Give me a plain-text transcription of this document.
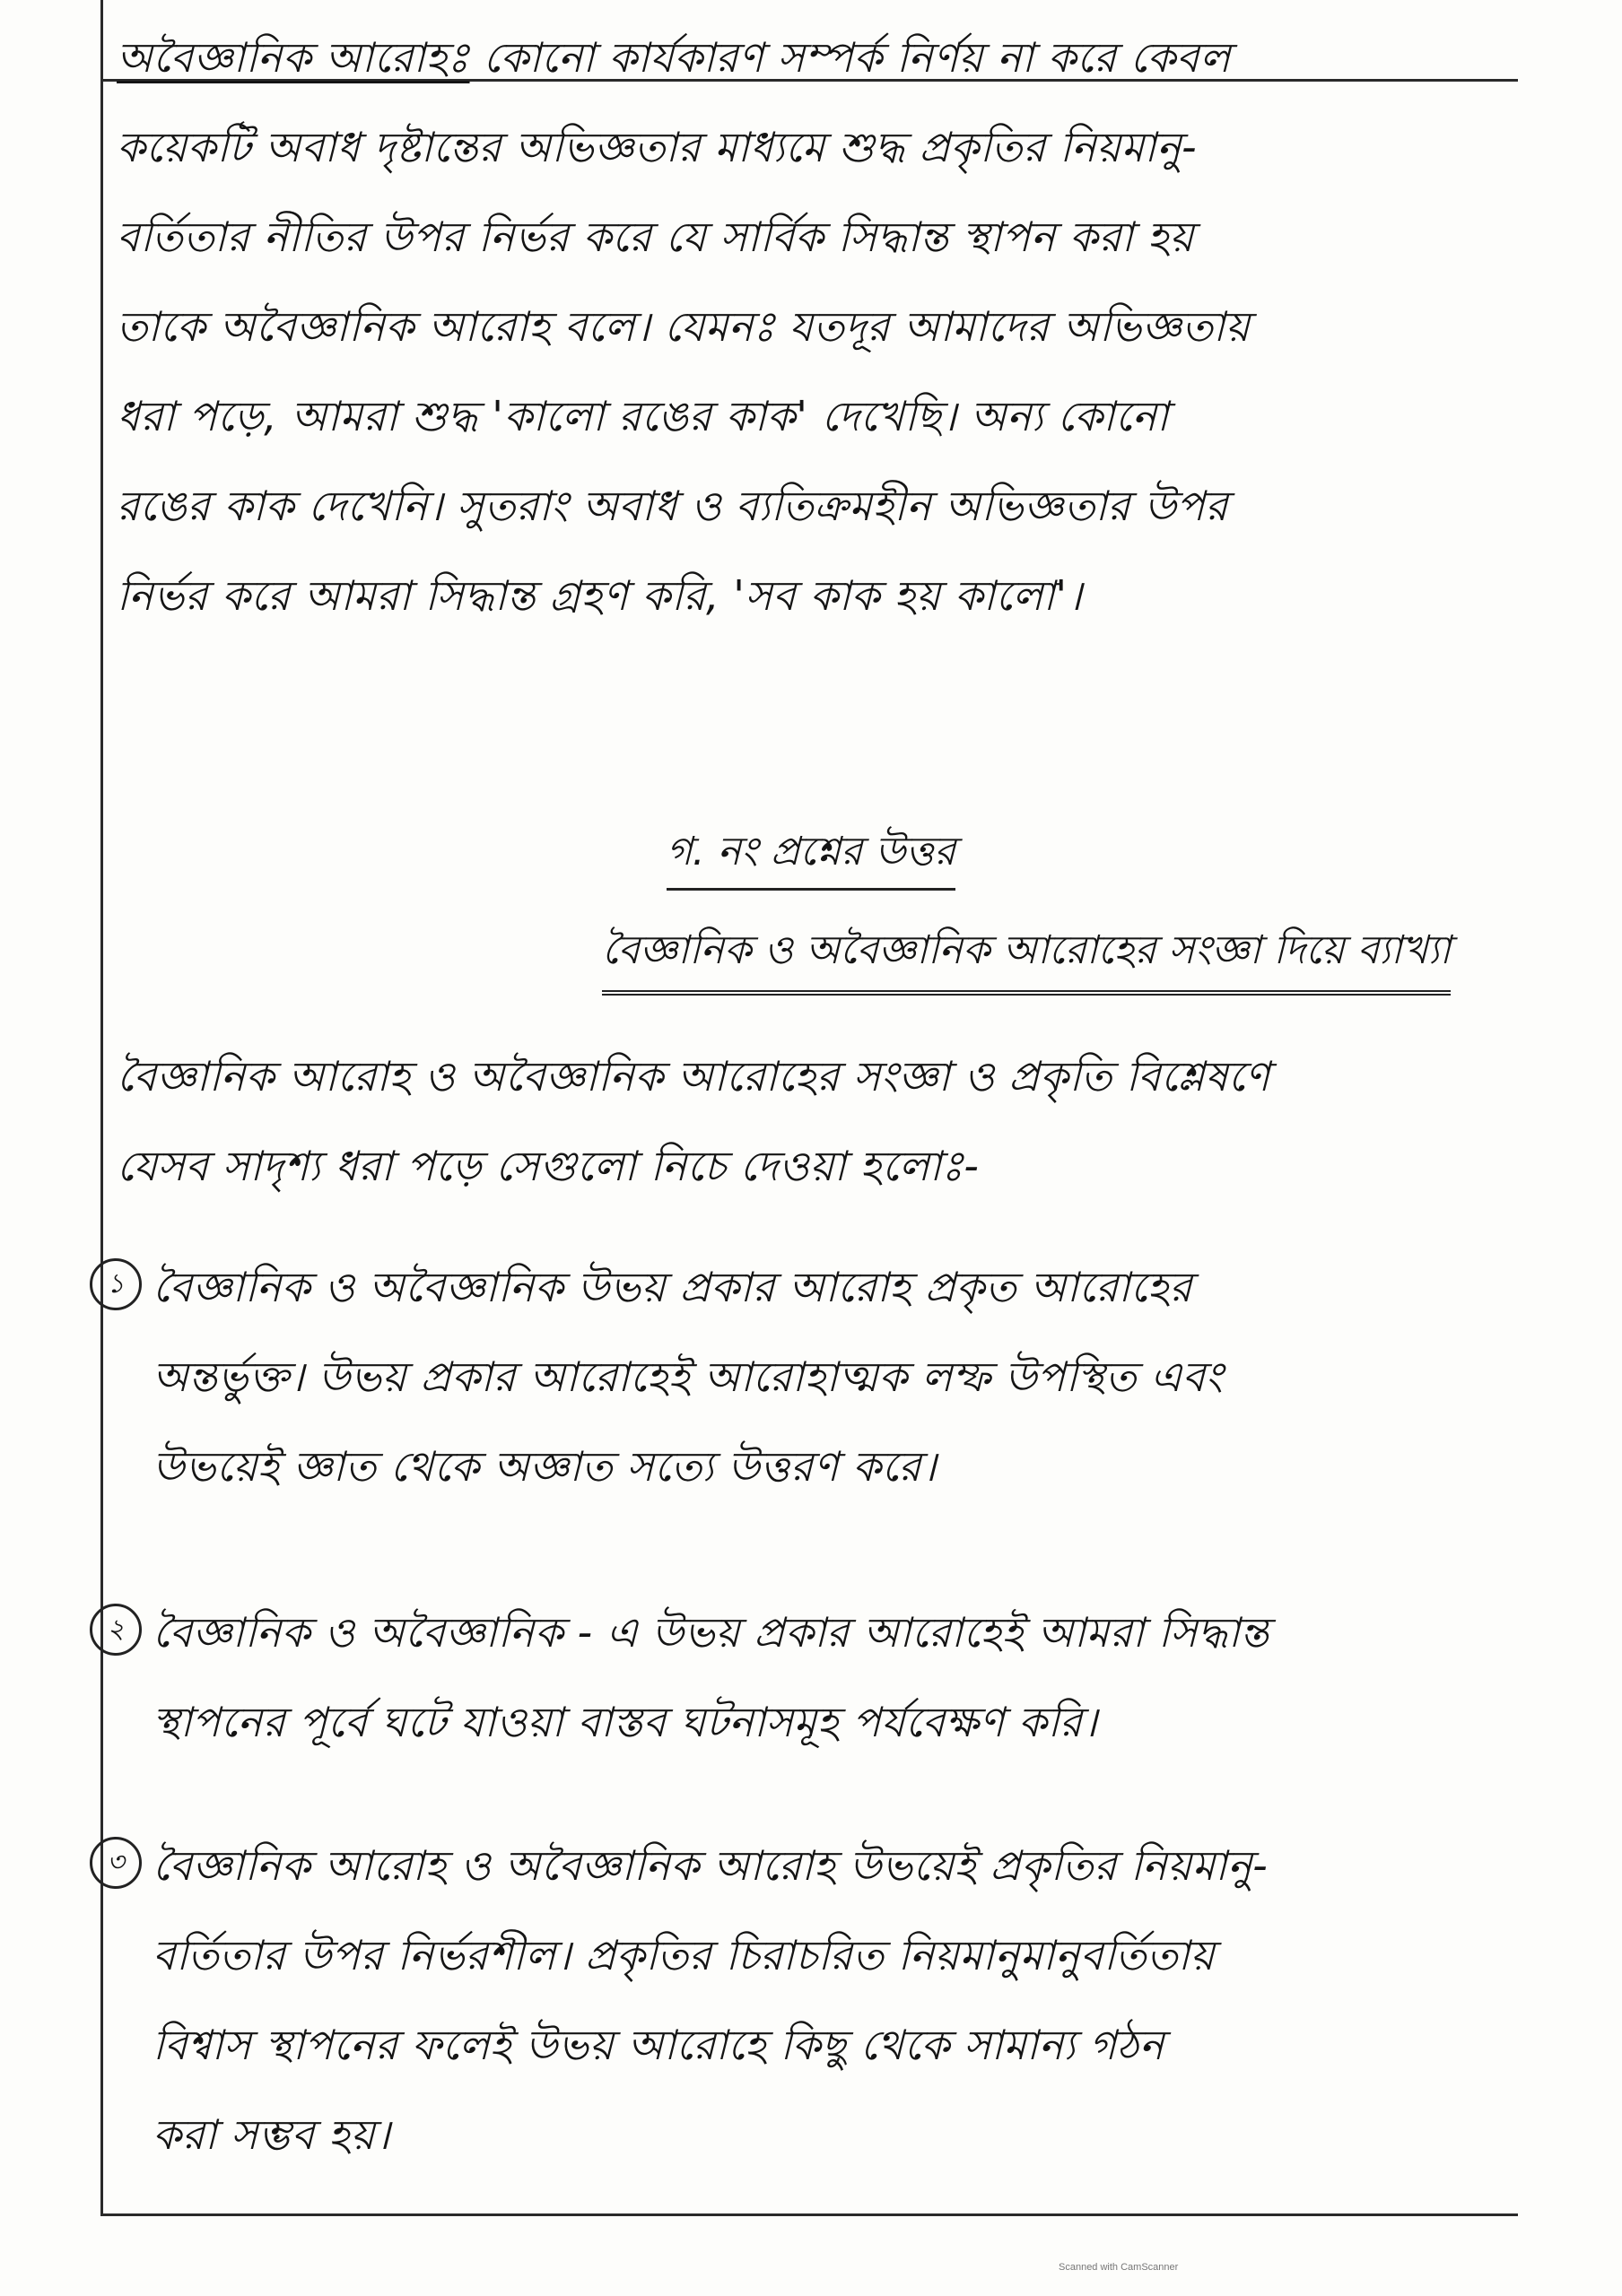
অবৈজ্ঞানিক আরোহঃ কোনো কার্যকারণ সম্পর্ক নির্ণয় না করে কেবল
কয়েকটি অবাধ দৃষ্টান্তের অভিজ্ঞতার মাধ্যমে শুদ্ধ প্রকৃতির নিয়মানু-
বর্তিতার নীতির উপর নির্ভর করে যে সার্বিক সিদ্ধান্ত স্থাপন করা হয়
তাকে অবৈজ্ঞানিক আরোহ বলে। যেমনঃ যতদূর আমাদের অভিজ্ঞতায়
ধরা পড়ে, আমরা শুদ্ধ 'কালো রঙের কাক' দেখেছি। অন্য কোনো
রঙের কাক দেখেনি। সুতরাং অবাধ ও ব্যতিক্রমহীন অভিজ্ঞতার উপর
নির্ভর করে আমরা সিদ্ধান্ত গ্রহণ করি, 'সব কাক হয় কালো'।
গ. নং প্রশ্নের উত্তর
বৈজ্ঞানিক ও অবৈজ্ঞানিক আরোহের সংজ্ঞা দিয়ে ব্যাখ্যা
বৈজ্ঞানিক আরোহ ও অবৈজ্ঞানিক আরোহের সংজ্ঞা ও প্রকৃতি বিশ্লেষণে
যেসব সাদৃশ্য ধরা পড়ে সেগুলো নিচে দেওয়া হলোঃ-
১ বৈজ্ঞানিক ও অবৈজ্ঞানিক উভয় প্রকার আরোহ প্রকৃত আরোহের
অন্তর্ভুক্ত। উভয় প্রকার আরোহেই আরোহাত্মক লম্ফ উপস্থিত এবং
উভয়েই জ্ঞাত থেকে অজ্ঞাত সত্যে উত্তরণ করে।
২ বৈজ্ঞানিক ও অবৈজ্ঞানিক - এ উভয় প্রকার আরোহেই আমরা সিদ্ধান্ত
স্থাপনের পূর্বে ঘটে যাওয়া বাস্তব ঘটনাসমূহ পর্যবেক্ষণ করি।
৩ বৈজ্ঞানিক আরোহ ও অবৈজ্ঞানিক আরোহ উভয়েই প্রকৃতির নিয়মানু-
বর্তিতার উপর নির্ভরশীল। প্রকৃতির চিরাচরিত নিয়মানুমানুবর্তিতায়
বিশ্বাস স্থাপনের ফলেই উভয় আরোহে কিছু থেকে সামান্য গঠন
করা সম্ভব হয়।
Scanned with CamScanner
